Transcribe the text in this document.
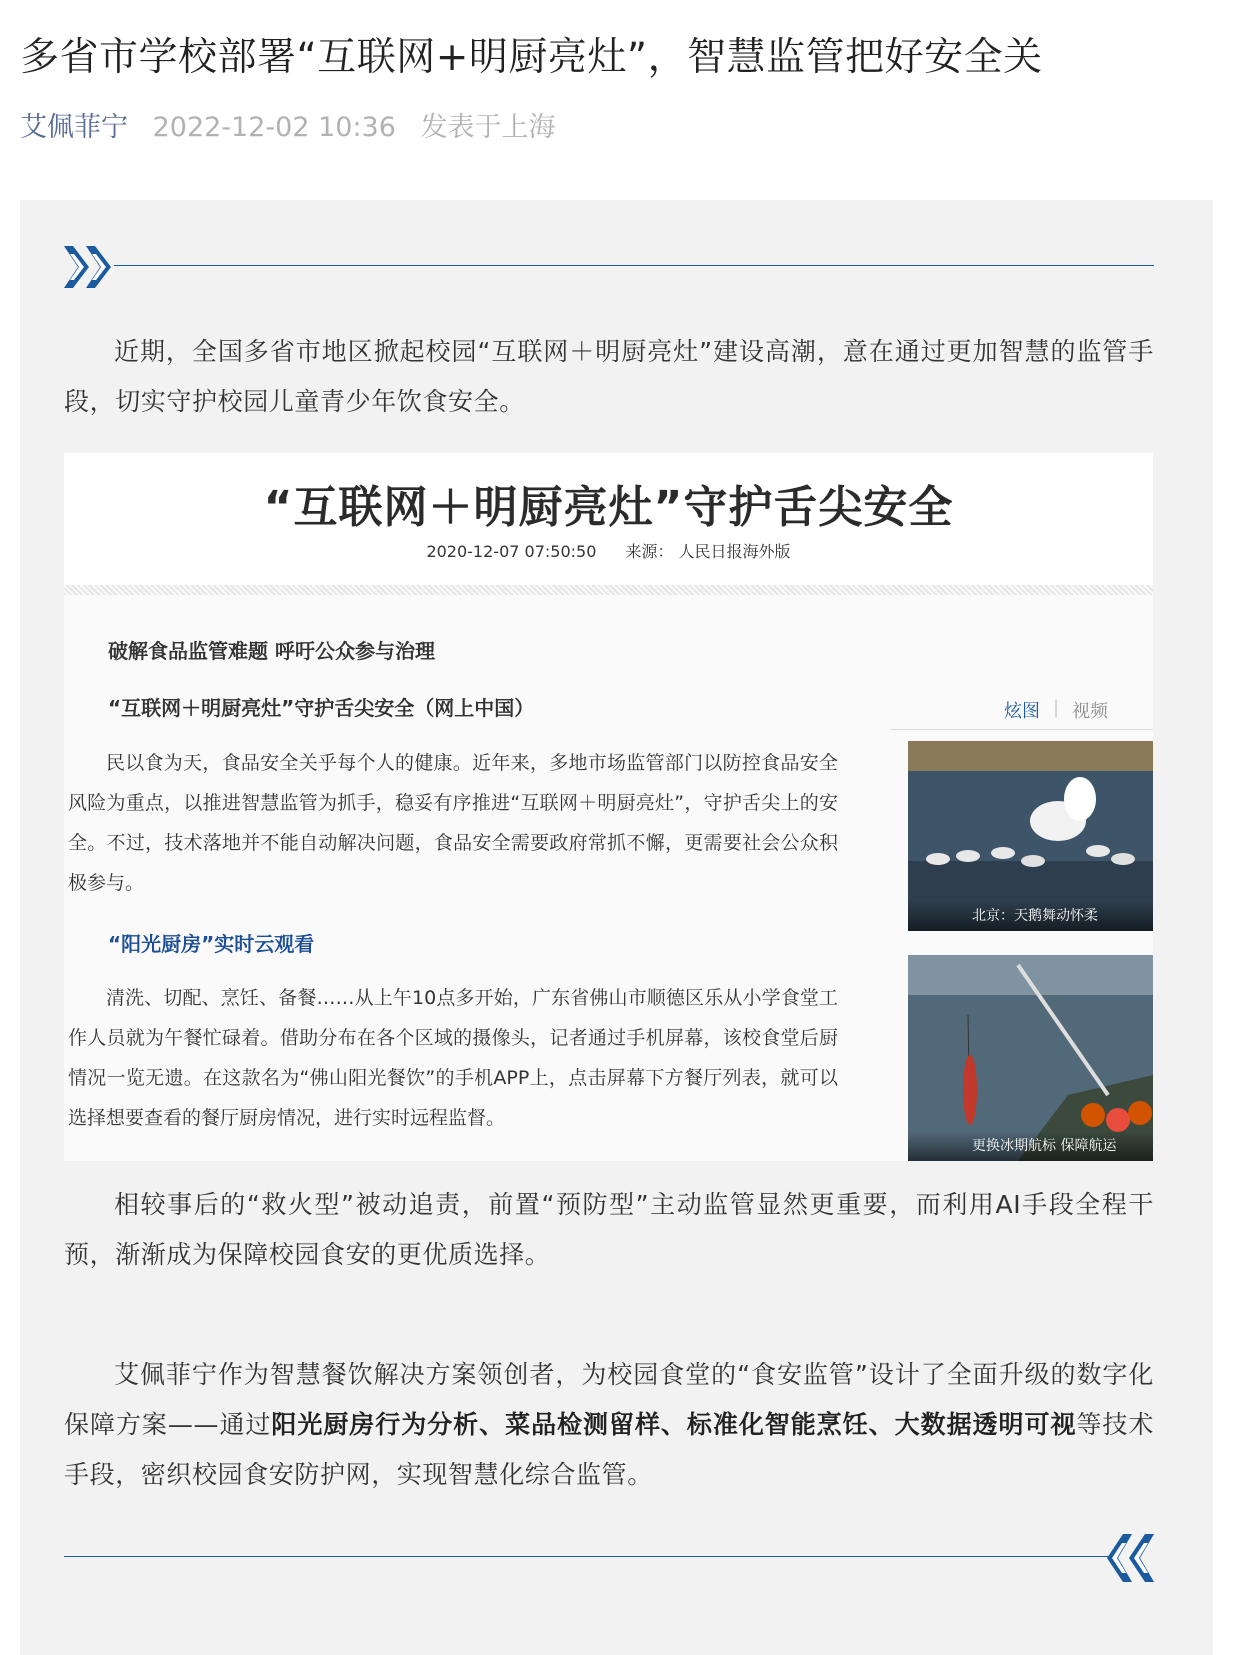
多省市学校部署“互联网+明厨亮灶”，智慧监管把好安全关
艾佩菲宁 2022-12-02 10:36 发表于上海

近期，全国多省市地区掀起校园“互联网＋明厨亮灶”建设高潮，意在通过更加智慧的监管手段，切实守护校园儿童青少年饮食安全。

“互联网＋明厨亮灶”守护舌尖安全
2020-12-07 07:50:50 来源： 人民日报海外版
破解食品监管难题 呼吁公众参与治理
“互联网＋明厨亮灶”守护舌尖安全（网上中国）

民以食为天，食品安全关乎每个人的健康。近年来，多地市场监管部门以防控食品安全风险为重点，以推进智慧监管为抓手，稳妥有序推进“互联网＋明厨亮灶”，守护舌尖上的安全。不过，技术落地并不能自动解决问题，食品安全需要政府常抓不懈，更需要社会公众积极参与。

“阳光厨房”实时云观看

清洗、切配、烹饪、备餐……从上午10点多开始，广东省佛山市顺德区乐从小学食堂工作人员就为午餐忙碌着。借助分布在各个区域的摄像头，记者通过手机屏幕，该校食堂后厨情况一览无遗。在这款名为“佛山阳光餐饮”的手机APP上，点击屏幕下方餐厅列表，就可以选择想要查看的餐厅厨房情况，进行实时远程监督。

炫图 | 视频
北京：天鹅舞动怀柔
更换冰期航标 保障航运

相较事后的“救火型”被动追责，前置“预防型”主动监管显然更重要，而利用AI手段全程干预，渐渐成为保障校园食安的更优质选择。

艾佩菲宁作为智慧餐饮解决方案领创者，为校园食堂的“食安监管”设计了全面升级的数字化保障方案——通过阳光厨房行为分析、菜品检测留样、标准化智能烹饪、大数据透明可视等技术手段，密织校园食安防护网，实现智慧化综合监管。
